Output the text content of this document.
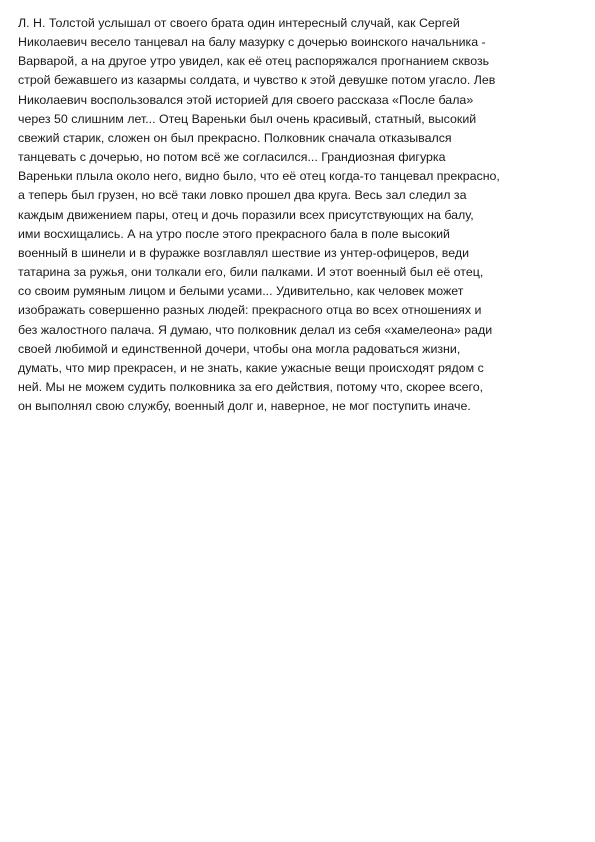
Л. Н. Толстой услышал от своего брата один интересный случай, как Сергей
Николаевич весело танцевал на балу мазурку с дочерью воинского начальника -
Варварой, а на другое утро увидел, как её отец распоряжался прогнанием сквозь
строй бежавшего из казармы солдата, и чувство к этой девушке потом угасло. Лев
Николаевич воспользовался этой историей для своего рассказа «После бала»
через 50 слишним лет... Отец Вареньки был очень красивый, статный, высокий
свежий старик, сложен он был прекрасно. Полковник сначала отказывался
танцевать с дочерью, но потом всё же согласился... Грандиозная фигурка
Вареньки плыла около него, видно было, что её отец когда-то танцевал прекрасно,
а теперь был грузен, но всё таки ловко прошел два круга. Весь зал следил за
каждым движением пары, отец и дочь поразили всех присутствующих на балу,
ими восхищались. А на утро после этого прекрасного бала в поле высокий
военный в шинели и в фуражке возглавлял шествие из унтер-офицеров, веди
татарина за ружья, они толкали его, били палками. И этот военный был её отец,
со своим румяным лицом и белыми усами... Удивительно, как человек может
изображать совершенно разных людей: прекрасного отца во всех отношениях и
без жалостного палача. Я думаю, что полковник делал из себя «хамелеона» ради
своей любимой и единственной дочери, чтобы она могла радоваться жизни,
думать, что мир прекрасен, и не знать, какие ужасные вещи происходят рядом с
ней. Мы не можем судить полковника за его действия, потому что, скорее всего,
он выполнял свою службу, военный долг и, наверное, не мог поступить иначе.
